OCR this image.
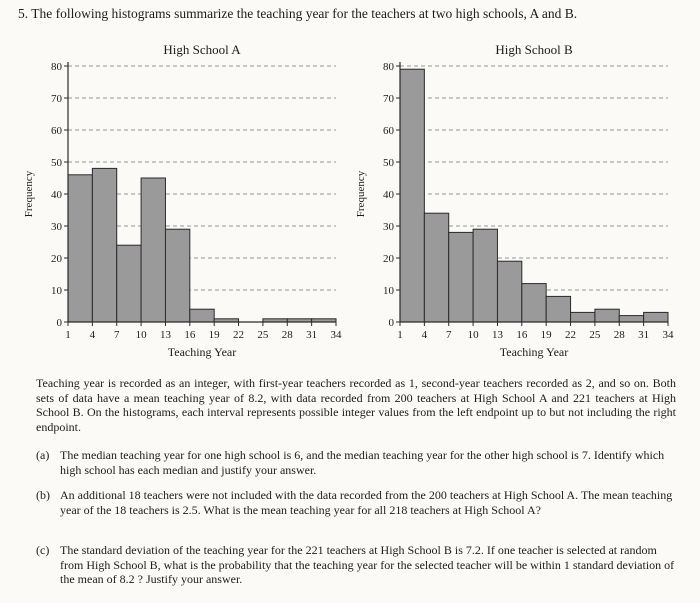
5. The following histograms summarize the teaching year for the teachers at two high schools, A and B.
High School A
0
10
20
30
40
50
60
70
80
1 4 7 10 13 16 19 22 25 28 31 34
Teaching Year
Frequency
High School B
0
10
20
30
40
50
60
70
80
1 4 7 10 13 16 19 22 25 28 31 34
Teaching Year
Frequency

Teaching year is recorded as an integer, with first-year teachers recorded as 1, second-year teachers recorded as 2, and so on. Both sets of data have a mean teaching year of 8.2, with data recorded from 200 teachers at High School A and 221 teachers at High School B. On the histograms, each interval represents possible integer values from the left endpoint up to but not including the right endpoint.

(a) The median teaching year for one high school is 6, and the median teaching year for the other high school is 7. Identify which high school has each median and justify your answer.
(b) An additional 18 teachers were not included with the data recorded from the 200 teachers at High School A. The mean teaching year of the 18 teachers is 2.5. What is the mean teaching year for all 218 teachers at High School A?
(c) The standard deviation of the teaching year for the 221 teachers at High School B is 7.2. If one teacher is selected at random from High School B, what is the probability that the teaching year for the selected teacher will be within 1 standard deviation of the mean of 8.2 ? Justify your answer.
